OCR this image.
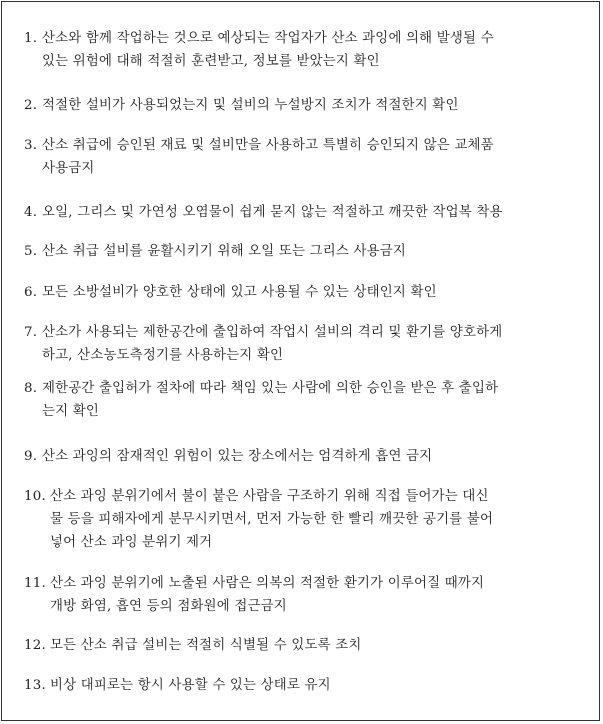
1. 산소와 함께 작업하는 것으로 예상되는 작업자가 산소 과잉에 의해 발생될 수
있는 위험에 대해 적절히 훈련받고, 정보를 받았는지 확인
2. 적절한 설비가 사용되었는지 및 설비의 누설방지 조치가 적절한지 확인
3. 산소 취급에 승인된 재료 및 설비만을 사용하고 특별히 승인되지 않은 교체품
사용금지
4. 오일, 그리스 및 가연성 오염물이 쉽게 묻지 않는 적절하고 깨끗한 작업복 착용
5. 산소 취급 설비를 윤활시키기 위해 오일 또는 그리스 사용금지
6. 모든 소방설비가 양호한 상태에 있고 사용될 수 있는 상태인지 확인
7. 산소가 사용되는 제한공간에 출입하여 작업시 설비의 격리 및 환기를 양호하게
하고, 산소농도측정기를 사용하는지 확인
8. 제한공간 출입허가 절차에 따라 책임 있는 사람에 의한 승인을 받은 후 출입하
는지 확인
9. 산소 과잉의 잠재적인 위험이 있는 장소에서는 엄격하게 흡연 금지
10. 산소 과잉 분위기에서 불이 붙은 사람을 구조하기 위해 직접 들어가는 대신
물 등을 피해자에게 분무시키면서, 먼저 가능한 한 빨리 깨끗한 공기를 불어
넣어 산소 과잉 분위기 제거
11. 산소 과잉 분위기에 노출된 사람은 의복의 적절한 환기가 이루어질 때까지
개방 화염, 흡연 등의 점화원에 접근금지
12. 모든 산소 취급 설비는 적절히 식별될 수 있도록 조치
13. 비상 대피로는 항시 사용할 수 있는 상태로 유지
